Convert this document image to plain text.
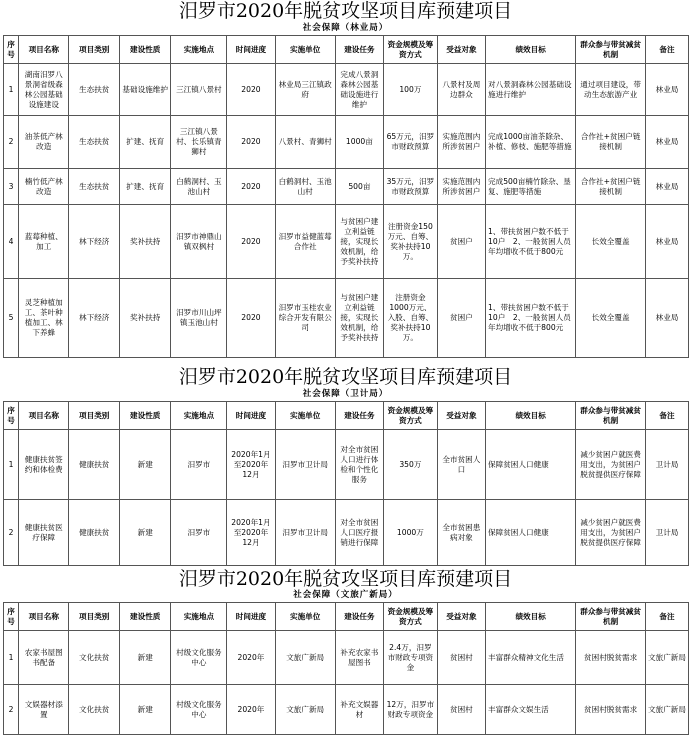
汨罗市2020年脱贫攻坚项目库预建项目
社会保障（林业局）
序号	项目名称	项目类别	建设性质	实施地点	时间进度	实施单位	建设任务	资金规模及筹资方式	受益对象	绩效目标	群众参与带贫减贫机制	备注
1	湖南汨罗八景洞省级森林公园基础设施建设	生态扶贫	基础设施维护	三江镇八景村	2020	林业局三江镇政府	完成八景洞森林公园基础设施进行维护	100万	八景村及周边群众	对八景洞森林公园基础设施进行维护	通过项目建设，带动生态旅游产业	林业局
2	油茶低产林改造	生态扶贫	扩建、抚育	三江镇八景村、长乐镇青狮村	2020	八景村、青狮村	1000亩	65万元，汨罗市财政预算	实施范围内所涉贫困户	完成1000亩油茶除杂、补植、修枝、施肥等措施	合作社+贫困户链接机制	林业局
3	楠竹低产林改造	生态扶贫	扩建、抚育	白鹤洞村、玉池山村	2020	白鹤洞村、玉池山村	500亩	35万元，汨罗市财政预算	实施范围内所涉贫困户	完成500亩楠竹除杂、垦复、施肥等措施	合作社+贫困户链接机制	林业局
4	蓝莓种植、加工	林下经济	奖补扶持	汨罗市神鼎山镇双枫村	2020	汨罗市益健蓝莓合作社	与贫困户建立利益链接，实现长效机制，给予奖补扶持	注册资金150万元、自筹、奖补扶持10万。	贫困户	1、带扶贫困户数不低于10户　2、一般贫困人员年均增收不低于800元	长效全覆盖	林业局
5	灵芝种植加工、茶叶种植加工、林下养蜂	林下经济	奖补扶持	汨罗市川山坪镇玉池山村	2020	汨罗市玉桂农业综合开发有限公司	与贫困户建立利益链接，实现长效机制，给予奖补扶持	注册资金1000万元、入股、自筹、奖补扶持10万。	贫困户	1、带扶贫困户数不低于10户　2、一般贫困人员年均增收不低于800元	长效全覆盖	林业局
汨罗市2020年脱贫攻坚项目库预建项目
社会保障（卫计局）
序号	项目名称	项目类别	建设性质	实施地点	时间进度	实施单位	建设任务	资金规模及筹资方式	受益对象	绩效目标	群众参与带贫减贫机制	备注
1	健康扶贫签约和体检费	健康扶贫	新建	汨罗市	2020年1月至2020年12月	汨罗市卫计局	对全市贫困人口进行体检和个性化服务	350万	全市贫困人口	保障贫困人口健康	减少贫困户就医费用支出，为贫困户脱贫提供医疗保障	卫计局
2	健康扶贫医疗保障	健康扶贫	新建	汨罗市	2020年1月至2020年12月	汨罗市卫计局	对全市贫困人口医疗报销进行保障	1000万	全市贫困患病对象	保障贫困人口健康	减少贫困户就医费用支出，为贫困户脱贫提供医疗保障	卫计局
汨罗市2020年脱贫攻坚项目库预建项目
社会保障（文旅广新局）
序号	项目名称	项目类别	建设性质	实施地点	时间进度	实施单位	建设任务	资金规模及筹资方式	受益对象	绩效目标	群众参与带贫减贫机制	备注
1	农家书屋图书配备	文化扶贫	新建	村级文化服务中心	2020年	文旅广新局	补充农家书屋图书	2.4万，汨罗市财政专项资金	贫困村	丰富群众精神文化生活	贫困村脱贫需求	文旅广新局
2	文娱器材添置	文化扶贫	新建	村级文化服务中心	2020年	文旅广新局	补充文娱器材	12万，汨罗市财政专项资金	贫困村	丰富群众文娱生活	贫困村脱贫需求	文旅广新局
